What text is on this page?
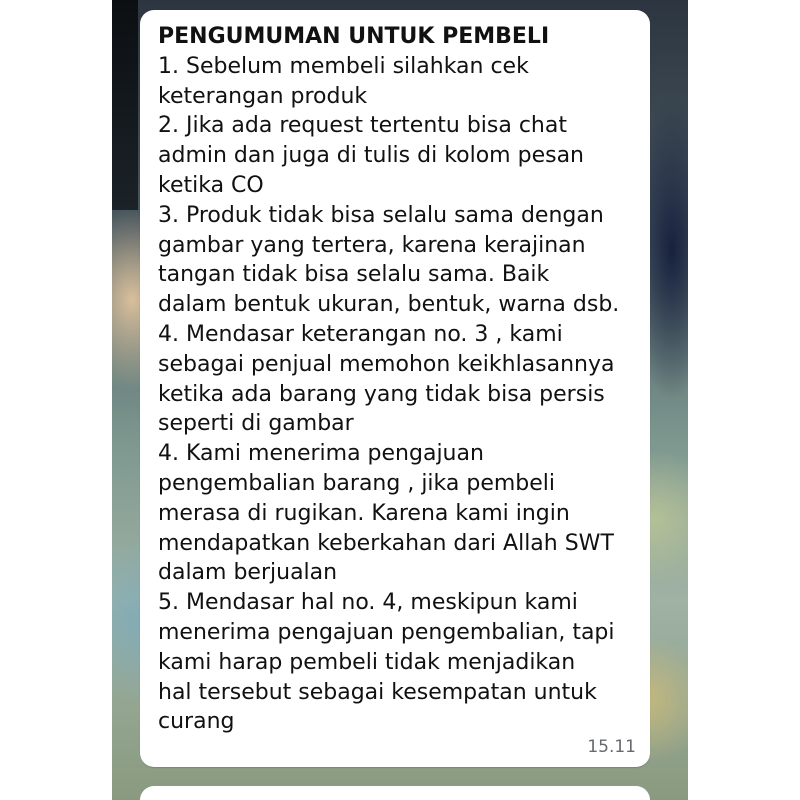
PENGUMUMAN UNTUK PEMBELI
1. Sebelum membeli silahkan cek
keterangan produk
2. Jika ada request tertentu bisa chat
admin dan juga di tulis di kolom pesan
ketika CO
3. Produk tidak bisa selalu sama dengan
gambar yang tertera, karena kerajinan
tangan tidak bisa selalu sama. Baik
dalam bentuk ukuran, bentuk, warna dsb.
4. Mendasar keterangan no. 3 , kami
sebagai penjual memohon keikhlasannya
ketika ada barang yang tidak bisa persis
seperti di gambar
4. Kami menerima pengajuan
pengembalian barang , jika pembeli
merasa di rugikan. Karena kami ingin
mendapatkan keberkahan dari Allah SWT
dalam berjualan
5. Mendasar hal no. 4, meskipun kami
menerima pengajuan pengembalian, tapi
kami harap pembeli tidak menjadikan
hal tersebut sebagai kesempatan untuk
curang

15.11
